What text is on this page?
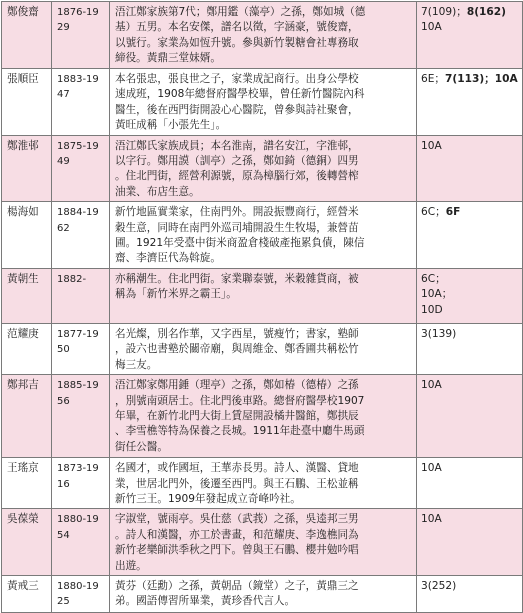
鄭俊齋	1876-1929	浯江鄭家族第7代；鄭用鑑（藻亭）之孫，鄭如城（德
基）五男。本名安傑，譜名以徵，字涵豪，號俊齋，
以號行。家業為如恆升號。參與新竹製糖會社專務取
締役。黃鼎三堂妹婿。	7(109)；8(162)
10A

張順臣	1883-1947	本名張忠，張良世之子，家業成記商行。出身公學校
速成班，1908年總督府醫學校畢，曾任新竹醫院內科
醫生，後在西門街開設心心醫院，曾參與詩社聚會，
黃旺成稱「小張先生」。	6E；7(113)；10A

鄭淮邨	1875-1949	浯江鄭氏家族成員；本名淮南，譜名安江，字淮邨，
以字行。鄭用謨（訓亭）之孫，鄭如錡（德銅）四男
。住北門街，經營利源號，原為樟腦行郊，後轉營榨
油業、布店生意。	10A

楊海如	1884-1962	新竹地區實業家，住南門外。開設振豐商行，經營米
穀生意，同時在南門外巡司埔開設生生牧場，兼營苗
圃。1921年受臺中街米商盈倉棧破產拖累負債，陳信
齋、李濟臣代為斡旋。	6C；6F

黃朝生	1882-	亦稱潮生。住北門街。家業聯泰號，米穀雜貨商，被
稱為「新竹米界之霸王」。	6C；
10A；
10D

范耀庚	1877-1950	名光燦，別名作華，又字西星，號瘦竹；書家，塾師
，設六也書塾於關帝廟，與周維金、鄭香圃共稱松竹
梅三友。	3(139)

鄭邦吉	1885-1956	浯江鄭家鄭用錘（理亭）之孫，鄭如椿（德椿）之孫
，別號南頭居士。住北門後車路。總督府醫學校1907
年畢，在新竹北門大街上賃屋開設橘井醫館，鄭拱辰
、李雪樵等特為保養之長城。1911年赴臺中廳牛馬頭
街任公醫。	10A

王瑤京	1873-1916	名國才，或作國垣，王華赤長男。詩人、漢醫、貸地
業，世居北門外，後遷至西門。與王石鵬、王松並稱
新竹三王。1909年發起成立奇峰吟社。	10A

吳葆榮	1880-1954	字淑堂，號雨亭。吳仕慈（武莪）之孫，吳逵邦三男
。詩人和漢醫，亦工於書畫，和范耀庚、李逸樵同為
新竹老樂師洪季秋之門下。曾與王石鵬、櫻井勉吟唱
出遊。	10A

黃戒三	1880-1925	黃芬（廷勳）之孫，黃朝品（鏡堂）之子，黃鼎三之
弟。國語傳習所畢業，黃珍香代言人。	3(252)
